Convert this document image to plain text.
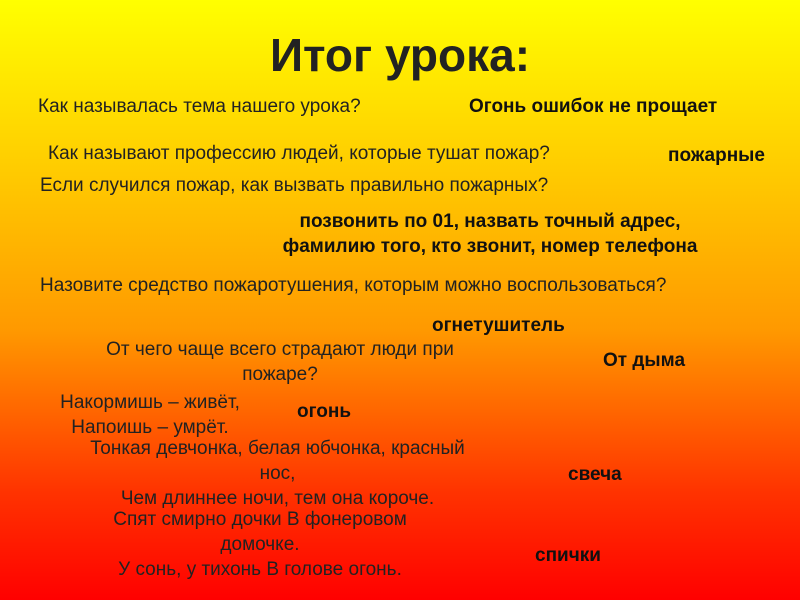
Итог урока:
Как называлась тема нашего урока?	Огонь ошибок не прощает
Как называют профессию людей, которые тушат пожар?	пожарные
Если случился пожар, как вызвать правильно пожарных?
позвонить по 01, назвать точный адрес,
фамилию того, кто звонит, номер телефона
Назовите средство пожаротушения, которым можно воспользоваться?
огнетушитель
От чего чаще всего страдают люди при
пожаре?
От дыма
Накормишь – живёт,
Напоишь – умрёт.
огонь
Тонкая девчонка, белая юбчонка, красный
нос,
Чем длиннее ночи, тем она короче.
свеча
Спят смирно дочки В фонеровом
домочке.
У сонь, у тихонь В голове огонь.
спички
